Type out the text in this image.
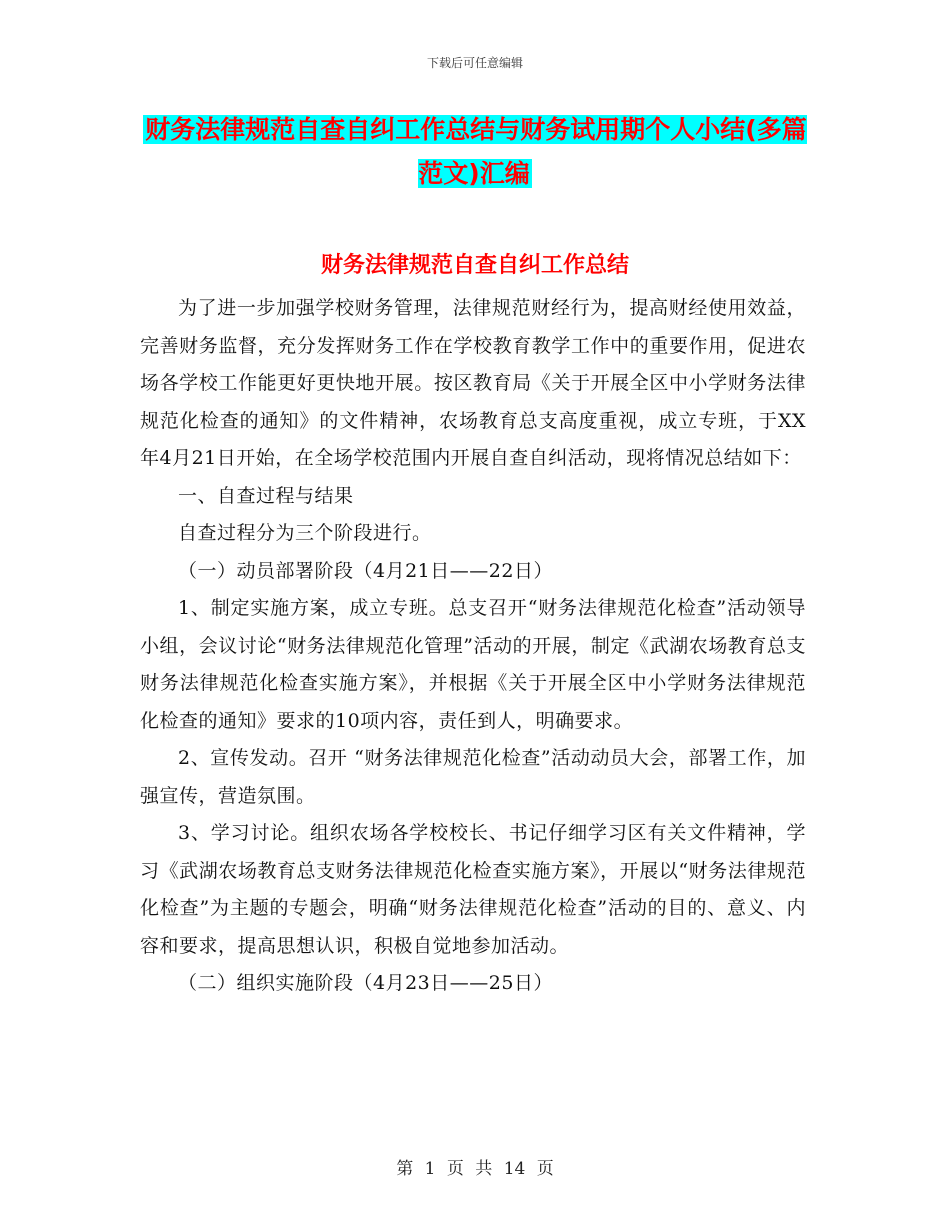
下载后可任意编辑
财务法律规范自查自纠工作总结与财务试用期个人小结(多篇范文)汇编
财务法律规范自查自纠工作总结

为了进一步加强学校财务管理，法律规范财经行为，提高财经使用效益，完善财务监督，充分发挥财务工作在学校教育教学工作中的重要作用，促进农场各学校工作能更好更快地开展。按区教育局《关于开展全区中小学财务法律规范化检查的通知》的文件精神，农场教育总支高度重视，成立专班，于XX年4月21日开始，在全场学校范围内开展自查自纠活动，现将情况总结如下：

一、自查过程与结果

自查过程分为三个阶段进行。

（一）动员部署阶段（4月21日——22日）

1、制定实施方案，成立专班。总支召开“财务法律规范化检查”活动领导小组，会议讨论“财务法律规范化管理”活动的开展，制定《武湖农场教育总支财务法律规范化检查实施方案》，并根据《关于开展全区中小学财务法律规范化检查的通知》要求的10项内容，责任到人，明确要求。

2、宣传发动。召开 “财务法律规范化检查”活动动员大会，部署工作，加强宣传，营造氛围。

3、学习讨论。组织农场各学校校长、书记仔细学习区有关文件精神，学习《武湖农场教育总支财务法律规范化检查实施方案》，开展以“财务法律规范化检查”为主题的专题会，明确“财务法律规范化检查”活动的目的、意义、内容和要求，提高思想认识，积极自觉地参加活动。

（二）组织实施阶段（4月23日——25日）

第 1 页 共 14 页
